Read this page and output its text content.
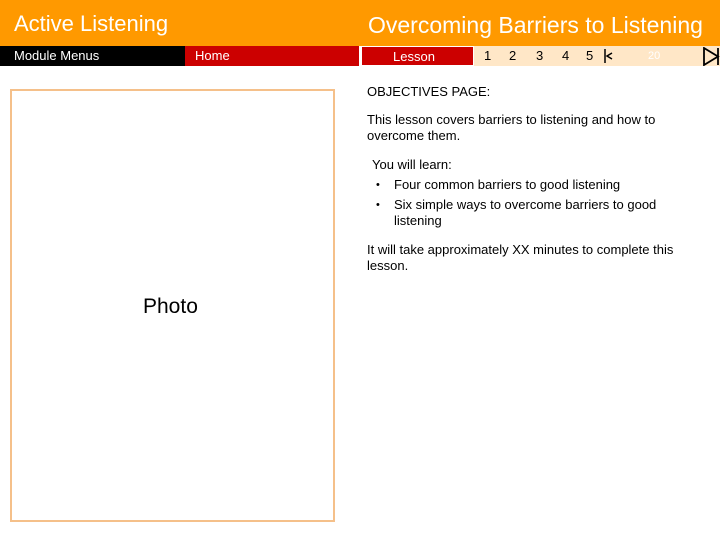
Active Listening	Overcoming Barriers to Listening
Module Menus	Home	Lesson	1 2 3 4 5	20
Photo
OBJECTIVES PAGE:
This lesson covers barriers to listening and how to overcome them.
You will learn:
• Four common barriers to good listening
• Six simple ways to overcome barriers to good listening
It will take approximately XX minutes to complete this lesson.
